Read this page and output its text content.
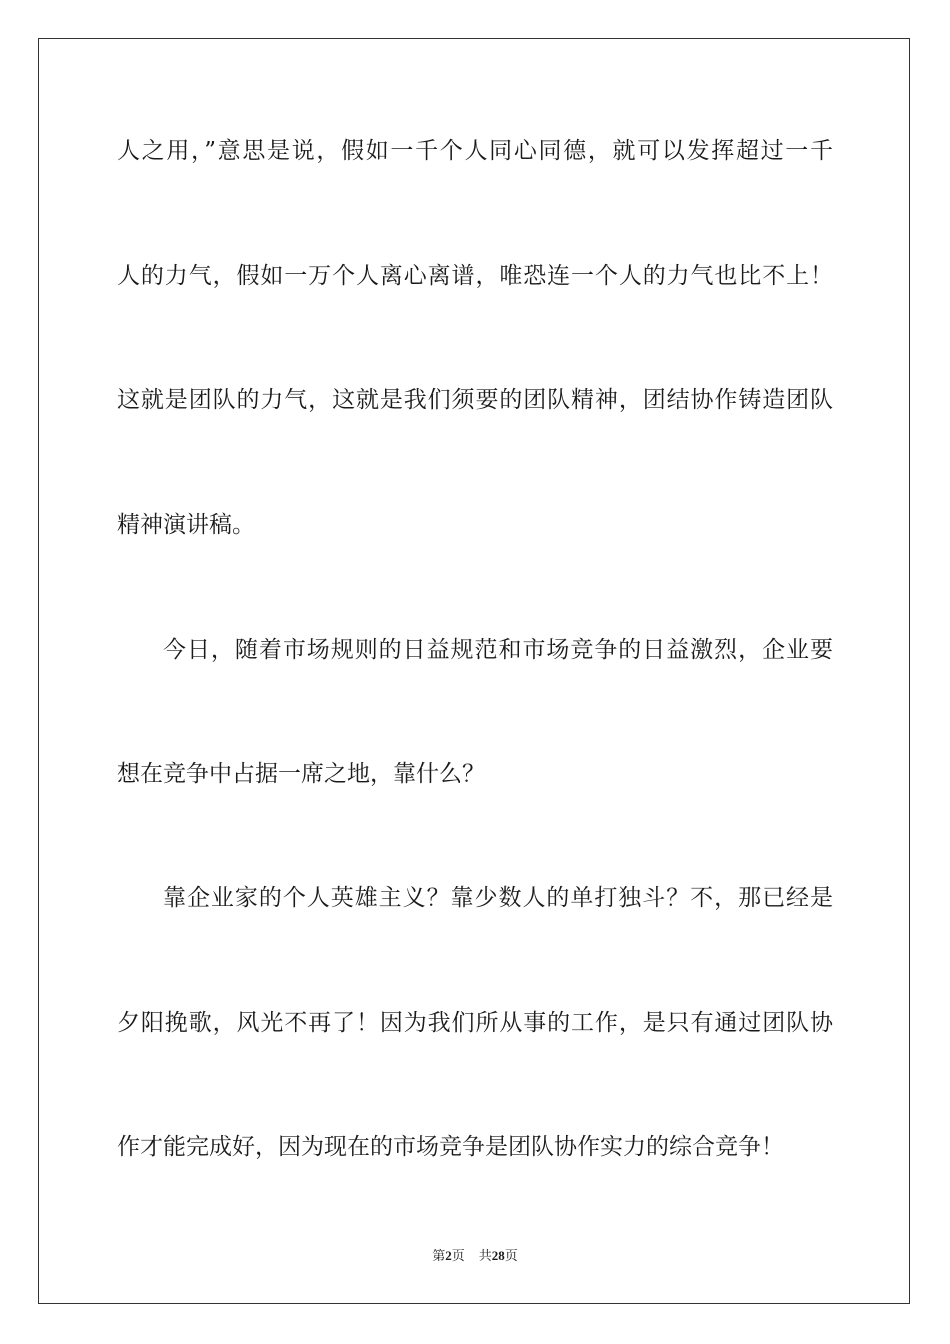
人之用，”意思是说，假如一千个人同心同德，就可以发挥超过一千
人的力气，假如一万个人离心离谱，唯恐连一个人的力气也比不上！
这就是团队的力气，这就是我们须要的团队精神，团结协作铸造团队
精神演讲稿。
今日，随着市场规则的日益规范和市场竞争的日益激烈，企业要
想在竞争中占据一席之地，靠什么？
靠企业家的个人英雄主义？靠少数人的单打独斗？不，那已经是
夕阳挽歌，风光不再了！因为我们所从事的工作，是只有通过团队协
作才能完成好，因为现在的市场竞争是团队协作实力的综合竞争！
第2页 共28页
